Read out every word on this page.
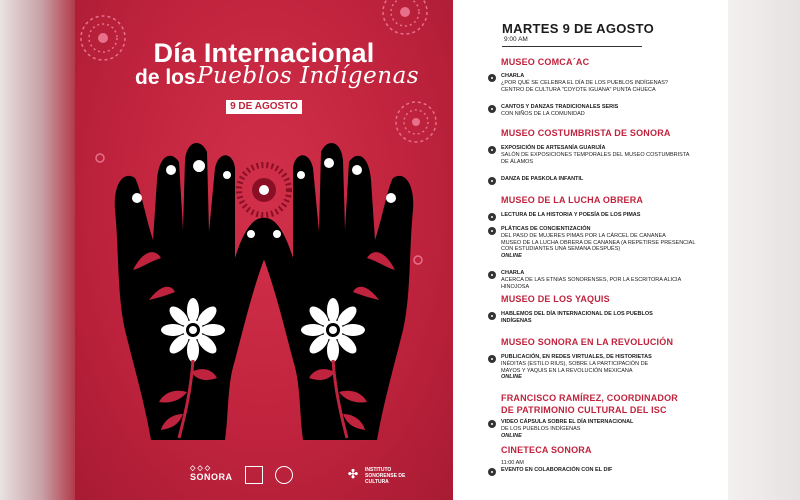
Día Internacional
de los Pueblos Indígenas
9 DE AGOSTO
◇◇◇
SONORA	✣	INSTITUTO SONORENSE DE CULTURA
MARTES 9 DE AGOSTO
9:00 AM
MUSEO COMCA´AC
CHARLA
¿POR QUÉ SE CELEBRA EL DÍA DE LOS PUEBLOS INDÍGENAS?
CENTRO DE CULTURA "COYOTE IGUANA" PUNTA CHUECA
CANTOS Y DANZAS TRADICIONALES SERIS
CON NIÑOS DE LA COMUNIDAD
MUSEO COSTUMBRISTA DE SONORA
EXPOSICIÓN DE ARTESANÍA GUARIJÍA
SALÓN DE EXPOSICIONES TEMPORALES DEL MUSEO COSTUMBRISTA
DE ÁLAMOS
DANZA DE PASKOLA INFANTIL
MUSEO DE LA LUCHA OBRERA
LECTURA DE LA HISTORIA Y POESÍA DE LOS PIMAS
PLÁTICAS DE CONCIENTIZACIÓN
DEL PASO DE MUJERES PIMAS POR LA CÁRCEL DE CANANEA
MUSEO DE LA LUCHA OBRERA DE CANANEA (A REPETIRSE PRESENCIAL
CON ESTUDIANTES UNA SEMANA DESPUÉS)
ONLINE
CHARLA
ACERCA DE LAS ETNIAS SONORENSES, POR LA ESCRITORA ALICIA
HINOJOSA
MUSEO DE LOS YAQUIS
HABLEMOS DEL DÍA INTERNACIONAL DE LOS PUEBLOS
INDÍGENAS
MUSEO SONORA EN LA REVOLUCIÓN
PUBLICACIÓN, EN REDES VIRTUALES, DE HISTORIETAS
INÉDITAS (ESTILO RIUS), SOBRE LA PARTICIPACIÓN DE
MAYOS Y YAQUIS EN LA REVOLUCIÓN MEXICANA
ONLINE
FRANCISCO RAMÍREZ, COORDINADOR
DE PATRIMONIO CULTURAL DEL ISC
VIDEO CÁPSULA SOBRE EL DÍA INTERNACIONAL
DE LOS PUEBLOS INDÍGENAS
ONLINE
CINETECA SONORA
11:00 AM
EVENTO EN COLABORACIÓN CON EL DIF
